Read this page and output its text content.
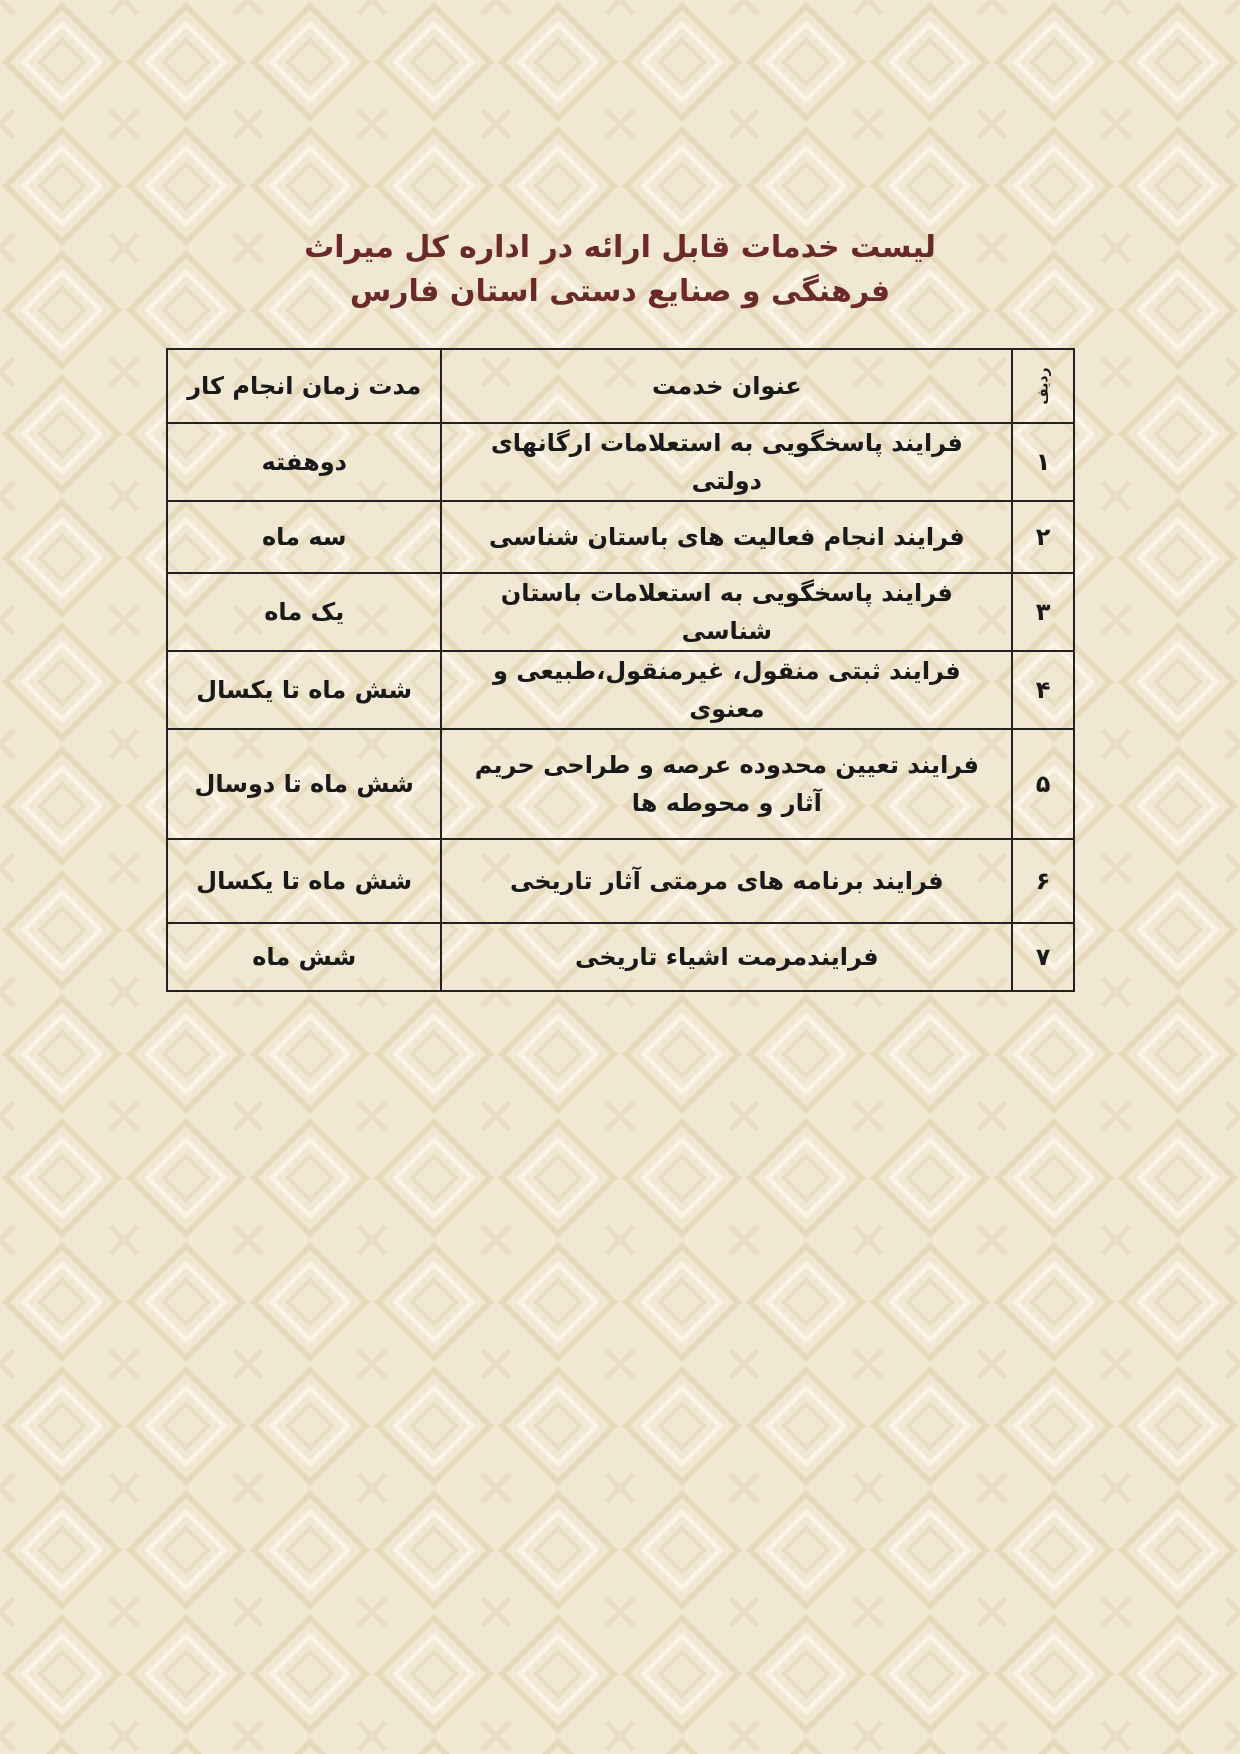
لیست خدمات قابل ارائه در اداره کل میراث
فرهنگی و صنایع دستی استان فارس
ردیف	عنوان خدمت	مدت زمان انجام کار
۱	فرایند پاسخگویی به استعلامات ارگانهای دولتی	دوهفته
۲	فرایند انجام فعالیت های باستان شناسی	سه ماه
۳	فرایند پاسخگویی به استعلامات باستان شناسی	یک ماه
۴	فرایند ثبتی منقول، غیرمنقول،طبیعی و معنوی	شش ماه تا یکسال
۵	فرایند تعیین محدوده عرصه و طراحی حریم آثار و محوطه ها	شش ماه تا دوسال
۶	فرایند برنامه های مرمتی آثار تاریخی	شش ماه تا یکسال
۷	فرایندمرمت اشیاء تاریخی	شش ماه
